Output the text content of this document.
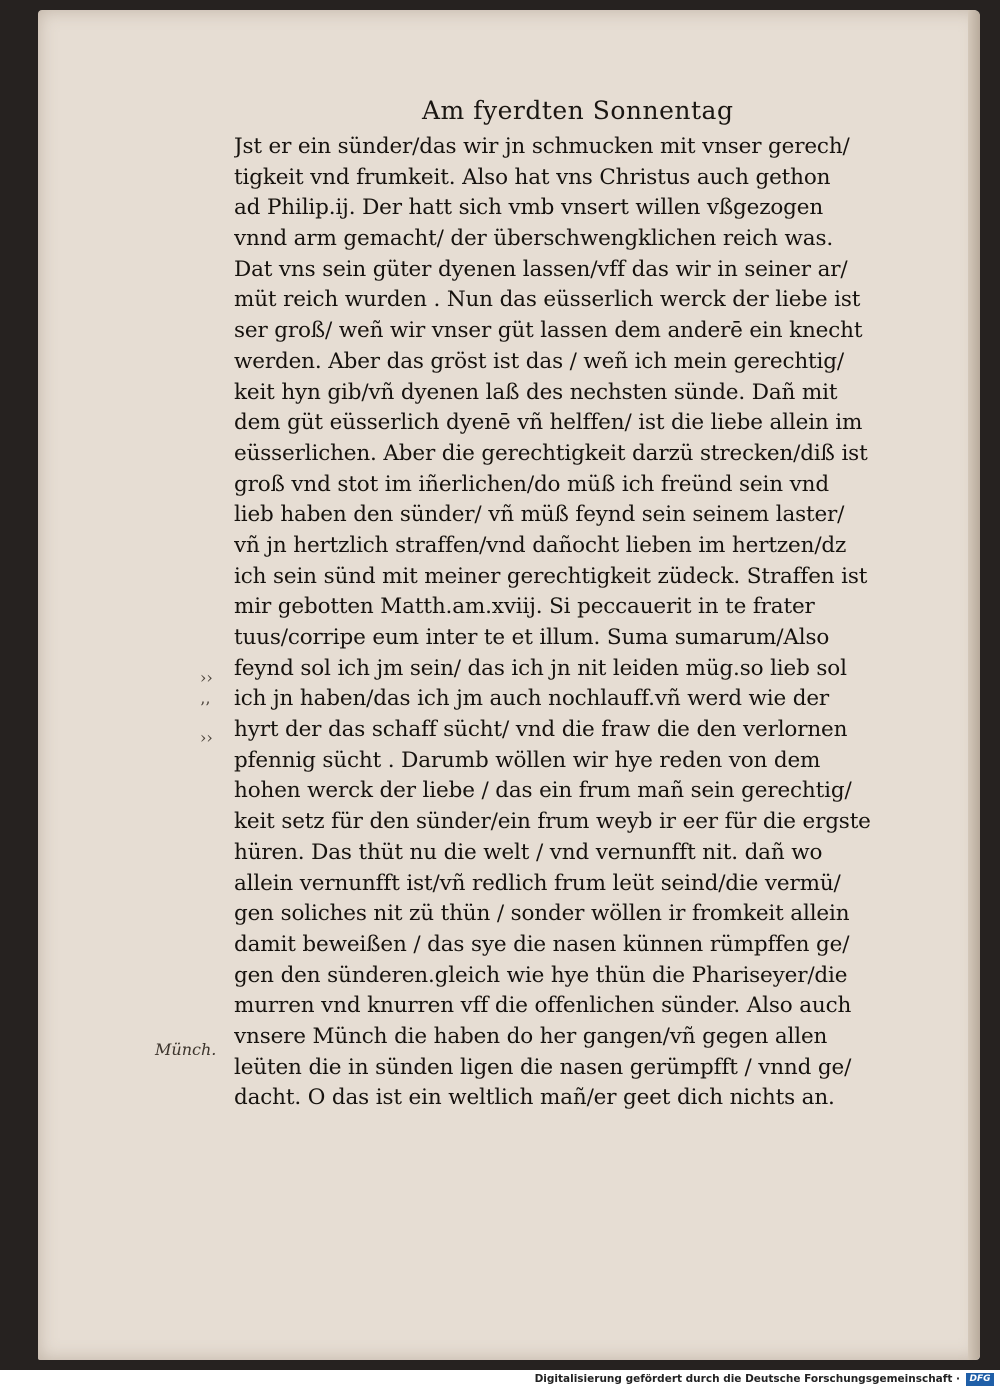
Am fyerdten Sonnentag
Jst er ein sünder/das wir jn schmucken mit vnser gerech/
tigkeit vnd frumkeit. Also hat vns Christus auch gethon
ad Philip.ij. Der hatt sich vmb vnsert willen vßgezogen
vnnd arm gemacht/ der überschwengklichen reich was.
Dat vns sein güter dyenen lassen/vff das wir in seiner ar/
müt reich wurden . Nun das eüsserlich werck der liebe ist
ser groß/ weñ wir vnser güt lassen dem anderē ein knecht
werden. Aber das gröst ist das / weñ ich mein gerechtig/
keit hyn gib/vñ dyenen laß des nechsten sünde. Dañ mit
dem güt eüsserlich dyenē vñ helffen/ ist die liebe allein im
eüsserlichen. Aber die gerechtigkeit darzü strecken/diß ist
groß vnd stot im iñerlichen/do müß ich freünd sein vnd
lieb haben den sünder/ vñ müß feynd sein seinem laster/
vñ jn hertzlich straffen/vnd dañocht lieben im hertzen/dz
ich sein sünd mit meiner gerechtigkeit züdeck. Straffen ist
mir gebotten Matth.am.xviij. Si peccauerit in te frater
tuus/corripe eum inter te et illum. Suma sumarum/Also
feynd sol ich jm sein/ das ich jn nit leiden müg.so lieb sol
ich jn haben/das ich jm auch nochlauff.vñ werd wie der
hyrt der das schaff sücht/ vnd die fraw die den verlornen
pfennig sücht . Darumb wöllen wir hye reden von dem
hohen werck der liebe / das ein frum mañ sein gerechtig/
keit setz für den sünder/ein frum weyb ir eer für die ergste
hüren. Das thüt nu die welt / vnd vernunfft nit. dañ wo
allein vernunfft ist/vñ redlich frum leüt seind/die vermü/
gen soliches nit zü thün / sonder wöllen ir fromkeit allein
damit beweißen / das sye die nasen künnen rümpffen ge/
gen den sünderen.gleich wie hye thün die Phariseyer/die
murren vnd knurren vff die offenlichen sünder. Also auch
vnsere Münch die haben do her gangen/vñ gegen allen
leüten die in sünden ligen die nasen gerümpfft / vnnd ge/
dacht. O das ist ein weltlich mañ/er geet dich nichts an.
››
’’
››
Münch.
Digitalisierung gefördert durch die Deutsche Forschungsgemeinschaft ·	DFG
